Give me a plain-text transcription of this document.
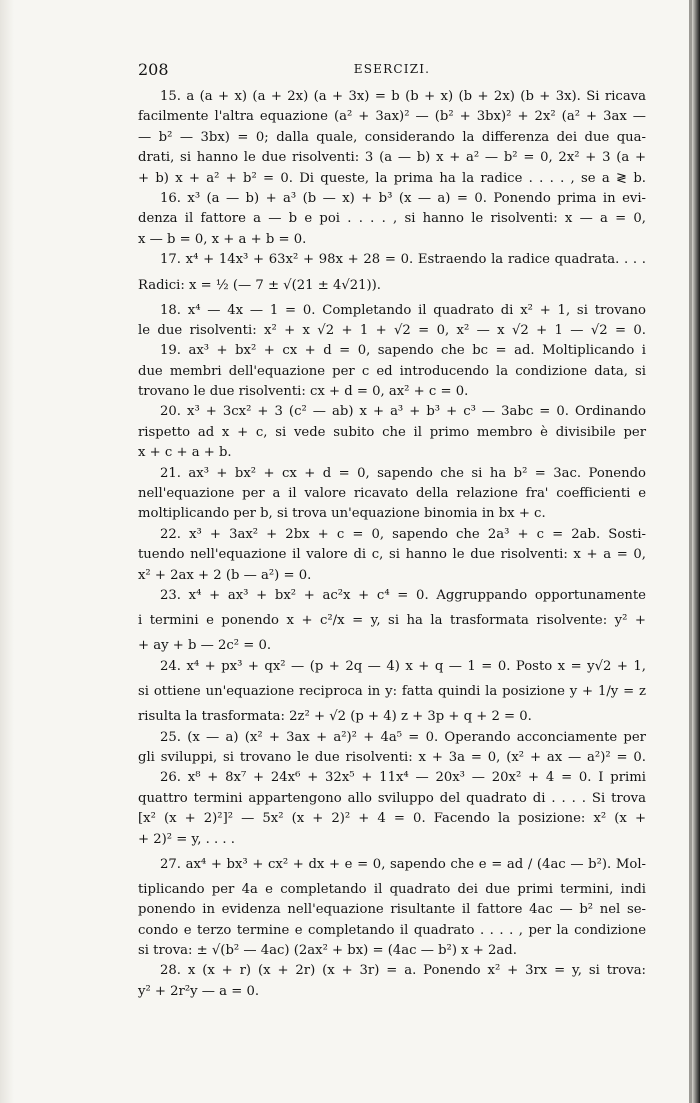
208	ESERCIZI.
15. a (a + x) (a + 2x) (a + 3x) = b (b + x) (b + 2x) (b + 3x). Si ricava
facilmente l'altra equazione (a² + 3ax)² — (b² + 3bx)² + 2x² (a² + 3ax —
— b² — 3bx) = 0; dalla quale, considerando la differenza dei due qua-
drati, si hanno le due risolventi: 3 (a — b) x + a² — b² = 0, 2x² + 3 (a +
+ b) x + a² + b² = 0. Di queste, la prima ha la radice . . . . , se a ≷ b.
16. x³ (a — b) + a³ (b — x) + b³ (x — a) = 0. Ponendo prima in evi-
denza il fattore a — b e poi . . . . , si hanno le risolventi: x — a = 0,
x — b = 0, x + a + b = 0.
17. x⁴ + 14x³ + 63x² + 98x + 28 = 0. Estraendo la radice quadrata. . . .
Radici: x = ½ (— 7 ± √(21 ± 4√21)).
18. x⁴ — 4x — 1 = 0. Completando il quadrato di x² + 1, si trovano
le due risolventi: x² + x √2 + 1 + √2 = 0, x² — x √2 + 1 — √2 = 0.
19. ax³ + bx² + cx + d = 0, sapendo che bc = ad. Moltiplicando i
due membri dell'equazione per c ed introducendo la condizione data, si
trovano le due risolventi: cx + d = 0, ax² + c = 0.
20. x³ + 3cx² + 3 (c² — ab) x + a³ + b³ + c³ — 3abc = 0. Ordinando
rispetto ad x + c, si vede subito che il primo membro è divisibile per
x + c + a + b.
21. ax³ + bx² + cx + d = 0, sapendo che si ha b² = 3ac. Ponendo
nell'equazione per a il valore ricavato della relazione fra' coefficienti e
moltiplicando per b, si trova un'equazione binomia in bx + c.
22. x³ + 3ax² + 2bx + c = 0, sapendo che 2a³ + c = 2ab. Sosti-
tuendo nell'equazione il valore di c, si hanno le due risolventi: x + a = 0,
x² + 2ax + 2 (b — a²) = 0.
23. x⁴ + ax³ + bx² + ac²x + c⁴ = 0. Aggruppando opportunamente
i termini e ponendo x + c²/x = y, si ha la trasformata risolvente: y² +
+ ay + b — 2c² = 0.
24. x⁴ + px³ + qx² — (p + 2q — 4) x + q — 1 = 0. Posto x = y√2 + 1,
si ottiene un'equazione reciproca in y: fatta quindi la posizione y + 1/y = z
risulta la trasformata: 2z² + √2 (p + 4) z + 3p + q + 2 = 0.
25. (x — a) (x² + 3ax + a²)² + 4a⁵ = 0. Operando acconciamente per
gli sviluppi, si trovano le due risolventi: x + 3a = 0, (x² + ax — a²)² = 0.
26. x⁸ + 8x⁷ + 24x⁶ + 32x⁵ + 11x⁴ — 20x³ — 20x² + 4 = 0. I primi
quattro termini appartengono allo sviluppo del quadrato di . . . . Si trova
[x² (x + 2)²]² — 5x² (x + 2)² + 4 = 0. Facendo la posizione: x² (x +
+ 2)² = y, . . . .
27. ax⁴ + bx³ + cx² + dx + e = 0, sapendo che e = ad / (4ac — b²). Mol-
tiplicando per 4a e completando il quadrato dei due primi termini, indi
ponendo in evidenza nell'equazione risultante il fattore 4ac — b² nel se-
condo e terzo termine e completando il quadrato . . . . , per la condizione
si trova: ± √(b² — 4ac) (2ax² + bx) = (4ac — b²) x + 2ad.
28. x (x + r) (x + 2r) (x + 3r) = a. Ponendo x² + 3rx = y, si trova:
y² + 2r²y — a = 0.
